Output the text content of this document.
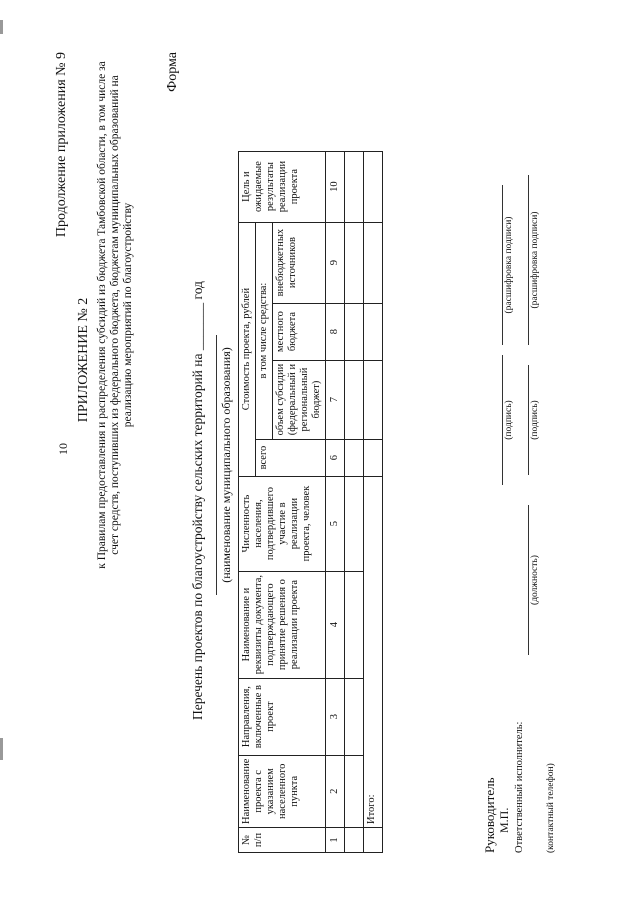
10
Продолжение приложения № 9
ПРИЛОЖЕНИЕ № 2 к Правилам предоставления и распределения субсидий из бюджета Тамбовской области, в том числе за счет средств, поступивших из федерального бюджета, бюджетам муниципальных образований на реализацию мероприятий по благоустройству
Форма
Перечень проектов по благоустройству сельских территорий на _______ год (наименование муниципального образования)
№ п/п	Наименование проекта с указанием населенного пункта	Направления, включенные в проект	Наименование и реквизиты документа, подтверждающего принятие решения о реализации проекта	Численность населения, подтвердившего участие в реализации проекта, человек	Стоимость проекта, рублей				Цель и ожидаемые результаты реализации проекта
					всего	в том числе средства:			
						объем субсидии (федеральный и региональный бюджет)	местного бюджета	внебюджетных источников	
1	2	3	4	5	6	7	8	9	10

	Итого:									Руководитель М.П. Ответственный исполнитель: (контактный телефон)
(должность)
(подпись)
(расшифровка подписи)
(подпись)
(расшифровка подписи)
